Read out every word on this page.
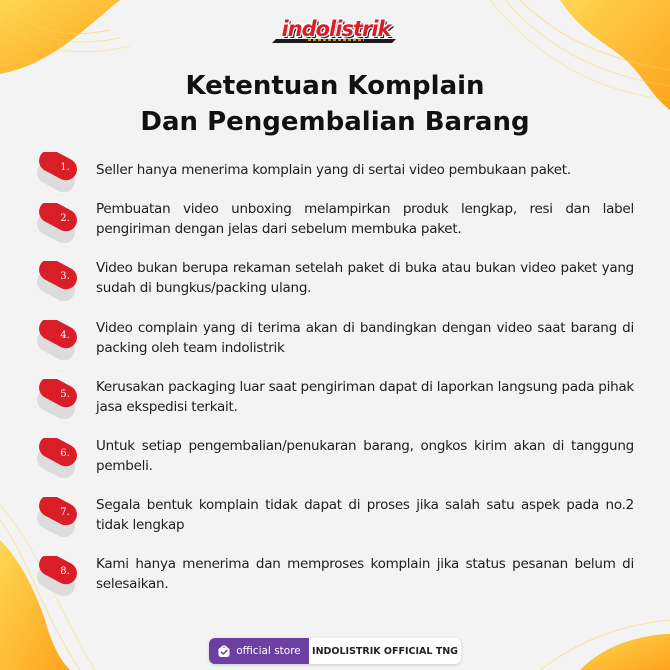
indolistrik
Ketentuan Komplain
Dan Pengembalian Barang
1.	Seller hanya menerima komplain yang di sertai video pembukaan paket.
2.
Pembuatan video unboxing melampirkan produk lengkap, resi dan label pengiriman dengan jelas dari sebelum membuka paket.
3.
Video bukan berupa rekaman setelah paket di buka atau bukan video paket yang sudah di bungkus/packing ulang.
4.	Video complain yang di terima akan di bandingkan dengan video saat barang di packing oleh team indolistrik
5.	Kerusakan packaging luar saat pengiriman dapat di laporkan langsung pada pihak jasa ekspedisi terkait.
6.	Untuk setiap pengembalian/penukaran barang, ongkos kirim akan di tanggung pembeli.
7.	Segala bentuk komplain tidak dapat di proses jika salah satu aspek pada no.2 tidak lengkap
8.	Kami hanya menerima dan memproses komplain jika status pesanan belum di selesaikan.
official store	INDOLISTRIK OFFICIAL TNG
